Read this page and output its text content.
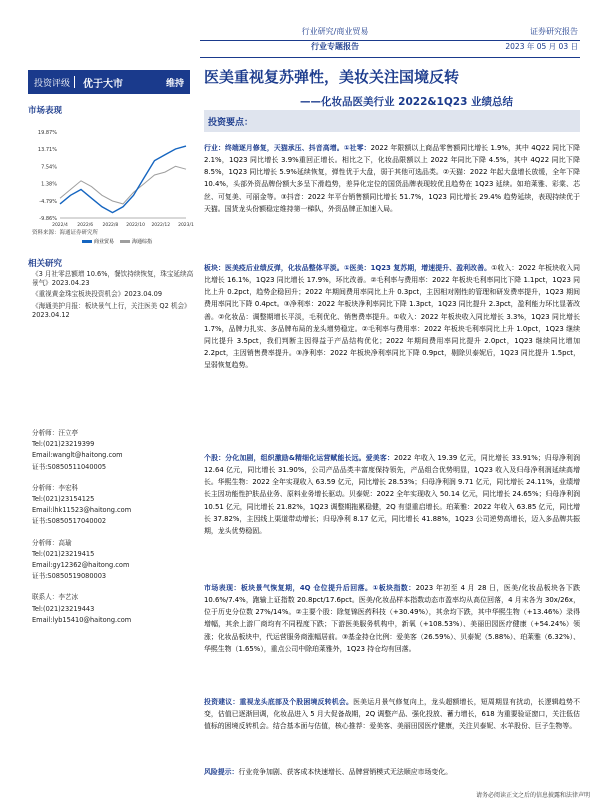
行业研究/商业贸易
行业专题报告
证券研究报告
2023 年 05 月 03 日
投资评级 优于大市	维持	医美重视复苏弹性，美妆关注国境反转
——化妆品医美行业 2022&1Q23 业绩总结
市场表现
商业贸易	海通综指
19.87%
13.71%
7.54%
1.38%
-4.79%
-9.86%
2022/4 2022/6 2022/8 2022/10 2022/12 2023/1
资料来源：海通证券研究所
相关研究
《3 月社零总额增 10.6%，餐饮持续恢复，珠宝延续高景气》2023.04.23
《重视黄金珠宝板块投资机会》2023.04.09
《海通美护月报：板块景气上行，关注医美 Q2 机会》2023.04.12
分析师：汪立亭
Tel:(021)23219399
Email:wanglt@haitong.com
证书:S0850511040005
分析师：李宏科
Tel:(021)23154125
Email:lhk11523@haitong.com
证书:S0850517040002
分析师：高瑜
Tel:(021)23219415
Email:gy12362@haitong.com
证书:S0850519080003
联系人：李艺冰
Tel:(021)23219443
Email:lyb15410@haitong.com
投资要点：
行业：终端逐月修复，天猫承压、抖音高增。①社零：2022 年限额以上商品零售额同比增长 1.9%，其中 4Q22 同比下降 2.1%，1Q23 同比增长 3.9%重回正增长。相比之下，化妆品限额以上 2022 年同比下降 4.5%，其中 4Q22 同比下降 8.5%，1Q23 同比增长 5.9%延续恢复，弹性优于大盘，弱于其他可选品类。②天猫：2022 年起大盘增长放缓，全年下降 10.4%，头部外资品牌份额大多呈下滑趋势，差异化定位的国货品牌表现较优且趋势在 1Q23 延续。如珀莱雅、彩棠、芯丝、可复美、可丽金等。③抖音：2022 年平台销售额同比增长 51.7%，1Q23 同比增长 29.4% 趋势延续，表现持续优于天猫。国货龙头份额稳定维持第一梯队，外资品牌正加速入局。
板块：医美疫后业绩反弹，化妆品整体平淡。①医美：1Q23 复苏期，增速提升、盈利改善。①收入：2022 年板块收入同比增长 16.1%，1Q23 同比增长 17.9%，环比改善。②毛利率与费用率：2022 年板块毛利率同比下降 1.1pct，1Q23 同比上升 0.2pct，趋势企稳回升；2022 年期间费用率同比上升 0.3pct，主因相对刚性的管理和研发费率提升，1Q23 期间费用率同比下降 0.4pct。③净利率：2022 年板块净利率同比下降 1.3pct，1Q23 同比提升 2.3pct，盈利能力环比显著改善。②化妆品：调整期增长平淡，毛利优化、销售费率提升。①收入：2022 年板块收入同比增长 3.3%，1Q23 同比增长 1.7%，品牌力扎实、多品牌布局的龙头增势稳定。②毛利率与费用率：2022 年板块毛利率同比上升 1.0pct，1Q23 继续同比提升 3.5pct，我们判断主因得益于产品结构优化；2022 年期间费用率同比提升 2.0pct，1Q23 继续同比增加 2.2pct，主因销售费率提升。③净利率：2022 年板块净利率同比下降 0.9pct，剔除贝泰妮后，1Q23 同比提升 1.5pct，呈弱恢复趋势。
个股：分化加剧，组织激励&精细化运营赋能长远。爱美客：2022 年收入 19.39 亿元，同比增长 33.91%；归母净利润 12.64 亿元，同比增长 31.90%，公司产品品类丰富度保持领先，产品组合优势明显，1Q23 收入及归母净利润延续高增长。华熙生物：2022 全年实现收入 63.59 亿元，同比增长 28.53%；归母净利润 9.71 亿元，同比增长 24.11%，业绩增长主因功能性护肤品业务、原料业务增长驱动。贝泰妮：2022 全年实现收入 50.14 亿元，同比增长 24.65%；归母净利润 10.51 亿元，同比增长 21.82%，1Q23 调整期拖累稳健，2Q 有望重启增长。珀莱雅：2022 年收入 63.85 亿元，同比增长 37.82%，主因线上渠道带动增长；归母净利 8.17 亿元，同比增长 41.88%，1Q23 公司逆势高增长，迈入多品牌共振期，龙头优势稳固。
市场表现：板块景气恢复期，4Q 仓位提升后回落。①板块指数：2023 年初至 4 月 28 日，医美/化妆品板块各下跌 10.6%/7.4%，跑输上证指数 20.8pct/17.6pct。医美/化妆品样本指数动态市盈率均从高位回落，4 月末各为 30x/26x，位于历史分位数 27%/14%。②主要个股：除复锦医药科技（+30.49%），其余均下跌，其中华熙生物（+13.46%）录得增幅，其余上游厂商均有不同程度下跌；下游医美服务机构中，新氧（+108.53%）、美丽田园医疗健康（+54.24%）领涨；化妆品板块中，代运营服务商涨幅居前。③基金持仓比例：爱美客（26.59%）、贝泰妮（5.88%）、珀莱雅（6.32%）、华熙生物（1.65%），重点公司中除珀莱雅外，1Q23 持仓均有回落。
投资建议：重视龙头底部及个股困境反转机会。医美运月景气修复向上，龙头超额增长，短周期显有扰动，长逻辑趋势不变，估值已逐渐回调，化妆品进入 5 月大促备战期，2Q 调整产品、强化投放、蓄力增长，618 为重要验证窗口，关注低估值标的困境反转机会。结合基本面与估值，核心推荐：爱美客、美丽田园医疗健康，关注贝泰妮、水羊股份、巨子生物等。
风险提示：行业竞争加剧、获客成本快速增长、品牌营销模式无法顺应市场变化。
请务必阅读正文之后的信息披露和法律声明
